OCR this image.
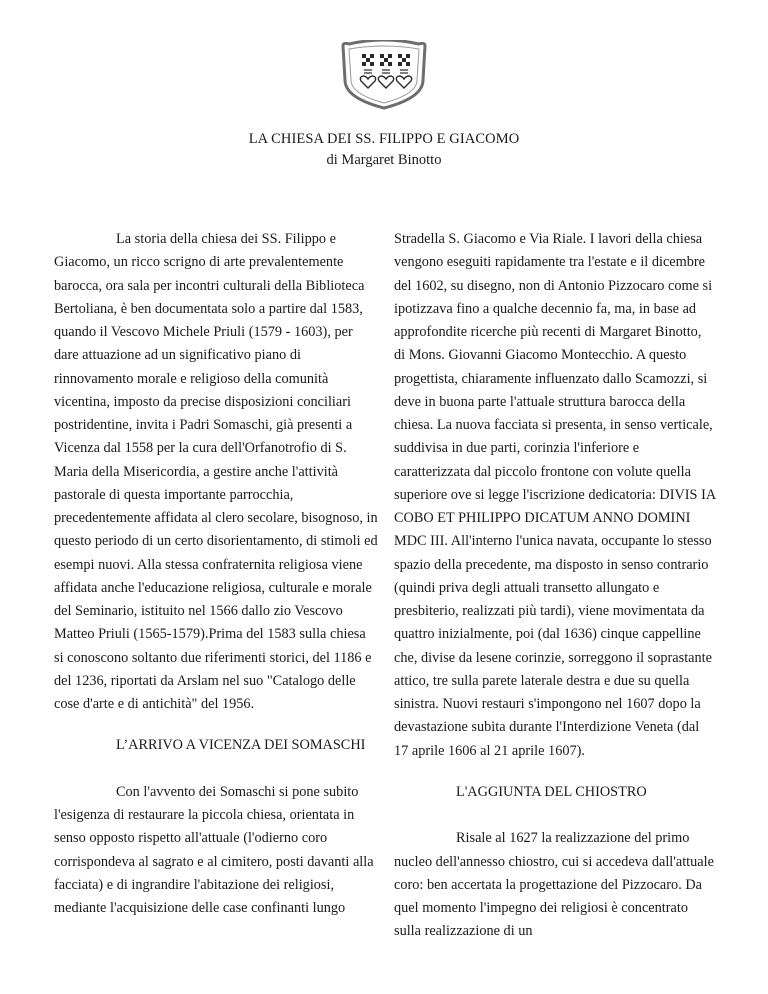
LA CHIESA DEI SS. FILIPPO E GIACOMO
di Margaret Binotto

La storia della chiesa dei SS. Filippo e Giacomo, un ricco scrigno di arte prevalentemente barocca, ora sala per incontri culturali della Biblioteca Bertoliana, è ben documentata solo a partire dal 1583, quando il Vescovo Michele Priuli (1579 - 1603), per dare attuazione ad un significativo piano di rinnovamento morale e religioso della comunità vicentina, imposto da precise disposizioni conciliari postridentine, invita i Padri Somaschi, già presenti a Vicenza dal 1558 per la cura dell'Orfanotrofio di S. Maria della Misericordia, a gestire anche l'attività pastorale di questa importante parrocchia, precedentemente affidata al clero secolare, bisognoso, in questo periodo di un certo disorientamento, di stimoli ed esempi nuovi. Alla stessa confraternita religiosa viene affidata anche l'educazione religiosa, culturale e morale del Seminario, istituito nel 1566 dallo zio Vescovo Matteo Priuli (1565-1579).Prima del 1583 sulla chiesa si conoscono soltanto due riferimenti storici, del 1186 e del 1236, riportati da Arslam nel suo "Catalogo delle cose d'arte e di antichità" del 1956.

L’ARRIVO A VICENZA DEI SOMASCHI

Con l'avvento dei Somaschi si pone subito l'esigenza di restaurare la piccola chiesa, orientata in senso opposto rispetto all'attuale (l'odierno coro corrispondeva al sagrato e al cimitero, posti davanti alla facciata) e di ingrandire l'abitazione dei religiosi, mediante l'acquisizione delle case confinanti lungo

Stradella S. Giacomo e Via Riale. I lavori della chiesa vengono eseguiti rapidamente tra l'estate e il dicembre del 1602, su disegno, non di Antonio Pizzocaro come si ipotizzava fino a qualche decennio fa, ma, in base ad approfondite ricerche più recenti di Margaret Binotto, di Mons. Giovanni Giacomo Montecchio. A questo progettista, chiaramente influenzato dallo Scamozzi, si deve in buona parte l'attuale struttura barocca della chiesa. La nuova facciata si presenta, in senso verticale, suddivisa in due parti, corinzia l'inferiore e caratterizzata dal piccolo frontone con volute quella superiore ove si legge l'iscrizione dedicatoria: DIVIS IA COBO ET PHILIPPO DICATUM ANNO DOMINI MDC III. All'interno l'unica navata, occupante lo stesso spazio della precedente, ma disposto in senso contrario (quindi priva degli attuali transetto allungato e presbiterio, realizzati più tardi), viene movimentata da quattro inizialmente, poi (dal 1636) cinque cappelline che, divise da lesene corinzie, sorreggono il soprastante attico, tre sulla parete laterale destra e due su quella sinistra. Nuovi restauri s'impongono nel 1607 dopo la devastazione subita durante l'Interdizione Veneta (dal 17 aprile 1606 al 21 aprile 1607).

L'AGGIUNTA DEL CHIOSTRO

Risale al 1627 la realizzazione del primo nucleo dell'annesso chiostro, cui si accedeva dall'attuale coro: ben accertata la progettazione del Pizzocaro. Da quel momento l'impegno dei religiosi è concentrato sulla realizzazione di un
